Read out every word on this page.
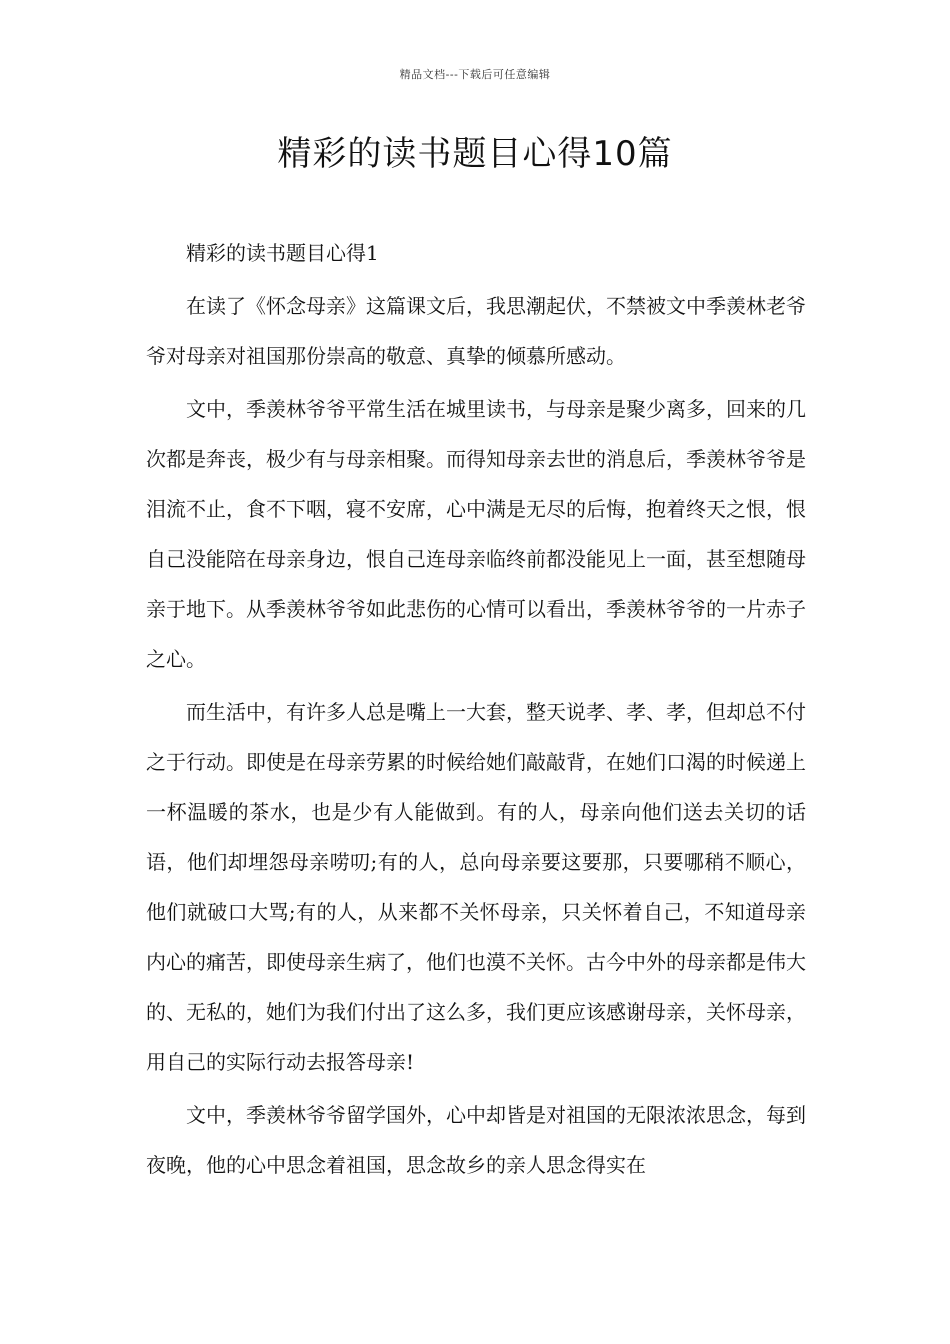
精品文档---下载后可任意编辑
精彩的读书题目心得10篇

精彩的读书题目心得1

在读了《怀念母亲》这篇课文后，我思潮起伏，不禁被文中季羡林老爷爷对母亲对祖国那份崇高的敬意、真挚的倾慕所感动。

文中，季羡林爷爷平常生活在城里读书，与母亲是聚少离多，回来的几次都是奔丧，极少有与母亲相聚。而得知母亲去世的消息后，季羡林爷爷是泪流不止，食不下咽，寝不安席，心中满是无尽的后悔，抱着终天之恨，恨自己没能陪在母亲身边，恨自己连母亲临终前都没能见上一面，甚至想随母亲于地下。从季羡林爷爷如此悲伤的心情可以看出，季羡林爷爷的一片赤子之心。

而生活中，有许多人总是嘴上一大套，整天说孝、孝、孝，但却总不付之于行动。即使是在母亲劳累的时候给她们敲敲背，在她们口渴的时候递上一杯温暖的茶水，也是少有人能做到。有的人，母亲向他们送去关切的话语，他们却埋怨母亲唠叨;有的人，总向母亲要这要那，只要哪稍不顺心，他们就破口大骂;有的人，从来都不关怀母亲，只关怀着自己，不知道母亲内心的痛苦，即使母亲生病了，他们也漠不关怀。古今中外的母亲都是伟大的、无私的，她们为我们付出了这么多，我们更应该感谢母亲，关怀母亲，用自己的实际行动去报答母亲!

文中，季羡林爷爷留学国外，心中却皆是对祖国的无限浓浓思念，每到夜晚，他的心中思念着祖国，思念故乡的亲人思念得实在
